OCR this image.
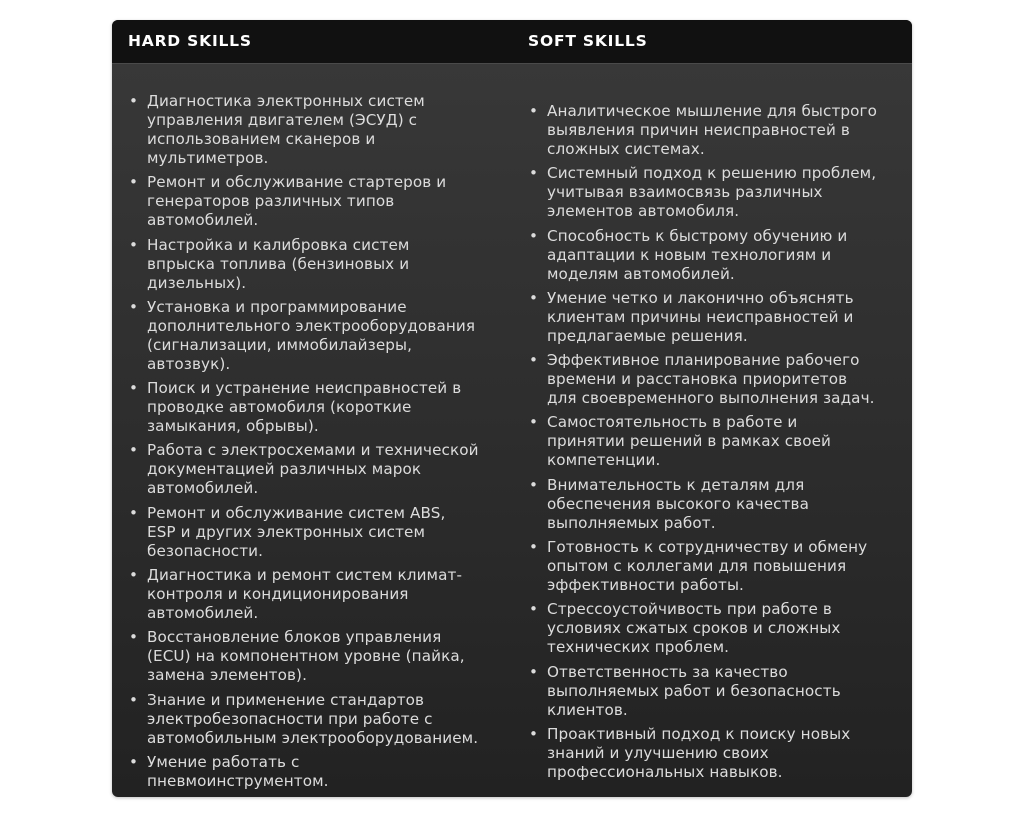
HARD SKILLS	SOFT SKILLS
• Диагностика электронных систем управления двигателем (ЭСУД) с использованием сканеров и мультиметров.
• Ремонт и обслуживание стартеров и генераторов различных типов автомобилей.
• Настройка и калибровка систем впрыска топлива (бензиновых и дизельных).
• Установка и программирование дополнительного электрооборудования (сигнализации, иммобилайзеры, автозвук).
• Поиск и устранение неисправностей в проводке автомобиля (короткие замыкания, обрывы).
• Работа с электросхемами и технической документацией различных марок автомобилей.
• Ремонт и обслуживание систем ABS, ESP и других электронных систем безопасности.
• Диагностика и ремонт систем климат-контроля и кондиционирования автомобилей.
• Восстановление блоков управления (ECU) на компонентном уровне (пайка, замена элементов).
• Знание и применение стандартов электробезопасности при работе с автомобильным электрооборудованием.
• Умение работать с пневмоинструментом.
• Аналитическое мышление для быстрого выявления причин неисправностей в сложных системах.
• Системный подход к решению проблем, учитывая взаимосвязь различных элементов автомобиля.
• Способность к быстрому обучению и адаптации к новым технологиям и моделям автомобилей.
• Умение четко и лаконично объяснять клиентам причины неисправностей и предлагаемые решения.
• Эффективное планирование рабочего времени и расстановка приоритетов для своевременного выполнения задач.
• Самостоятельность в работе и принятии решений в рамках своей компетенции.
• Внимательность к деталям для обеспечения высокого качества выполняемых работ.
• Готовность к сотрудничеству и обмену опытом с коллегами для повышения эффективности работы.
• Стрессоустойчивость при работе в условиях сжатых сроков и сложных технических проблем.
• Ответственность за качество выполняемых работ и безопасность клиентов.
• Проактивный подход к поиску новых знаний и улучшению своих профессиональных навыков.
